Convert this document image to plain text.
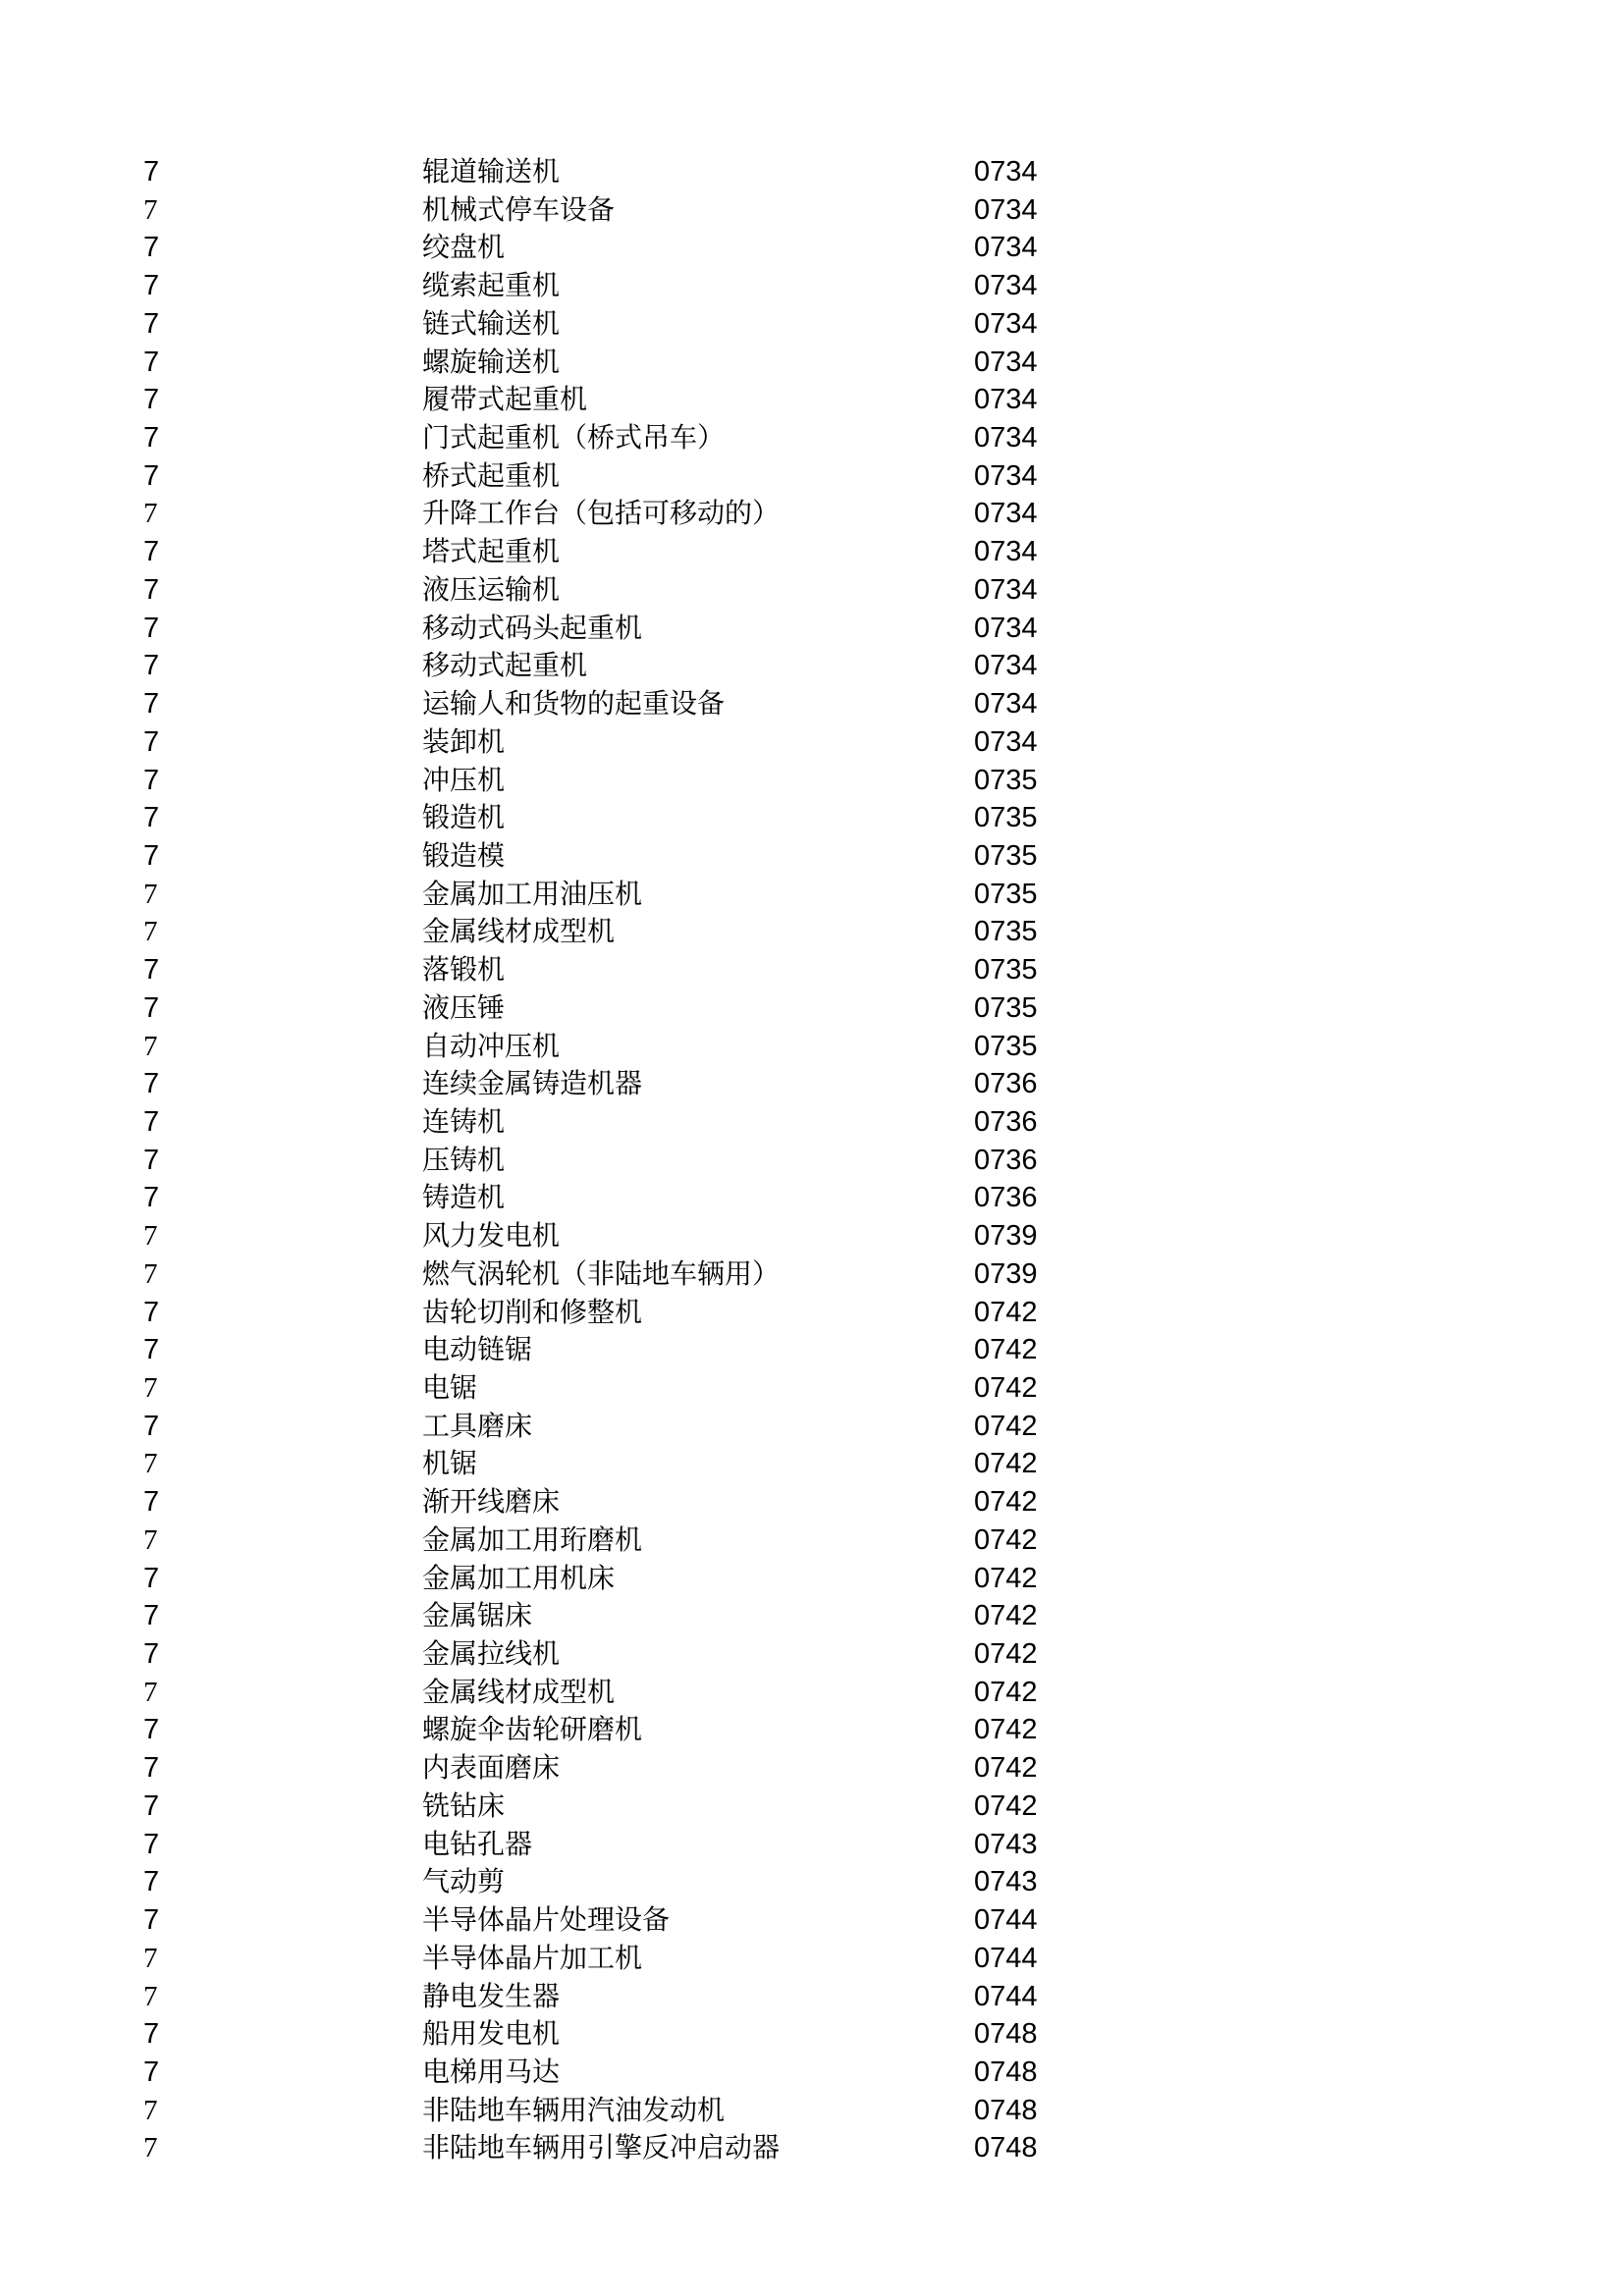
7	辊道输送机	0734
7	机械式停车设备	0734
7	绞盘机	0734
7	缆索起重机	0734
7	链式输送机	0734
7	螺旋输送机	0734
7	履带式起重机	0734
7	门式起重机（桥式吊车）	0734
7	桥式起重机	0734
7	升降工作台（包括可移动的）	0734
7	塔式起重机	0734
7	液压运输机	0734
7	移动式码头起重机	0734
7	移动式起重机	0734
7	运输人和货物的起重设备	0734
7	装卸机	0734
7	冲压机	0735
7	锻造机	0735
7	锻造模	0735
7	金属加工用油压机	0735
7	金属线材成型机	0735
7	落锻机	0735
7	液压锤	0735
7	自动冲压机	0735
7	连续金属铸造机器	0736
7	连铸机	0736
7	压铸机	0736
7	铸造机	0736
7	风力发电机	0739
7	燃气涡轮机（非陆地车辆用）	0739
7	齿轮切削和修整机	0742
7	电动链锯	0742
7	电锯	0742
7	工具磨床	0742
7	机锯	0742
7	渐开线磨床	0742
7	金属加工用珩磨机	0742
7	金属加工用机床	0742
7	金属锯床	0742
7	金属拉线机	0742
7	金属线材成型机	0742
7	螺旋伞齿轮研磨机	0742
7	内表面磨床	0742
7	铣钻床	0742
7	电钻孔器	0743
7	气动剪	0743
7	半导体晶片处理设备	0744
7	半导体晶片加工机	0744
7	静电发生器	0744
7	船用发电机	0748
7	电梯用马达	0748
7	非陆地车辆用汽油发动机	0748
7	非陆地车辆用引擎反冲启动器	0748
